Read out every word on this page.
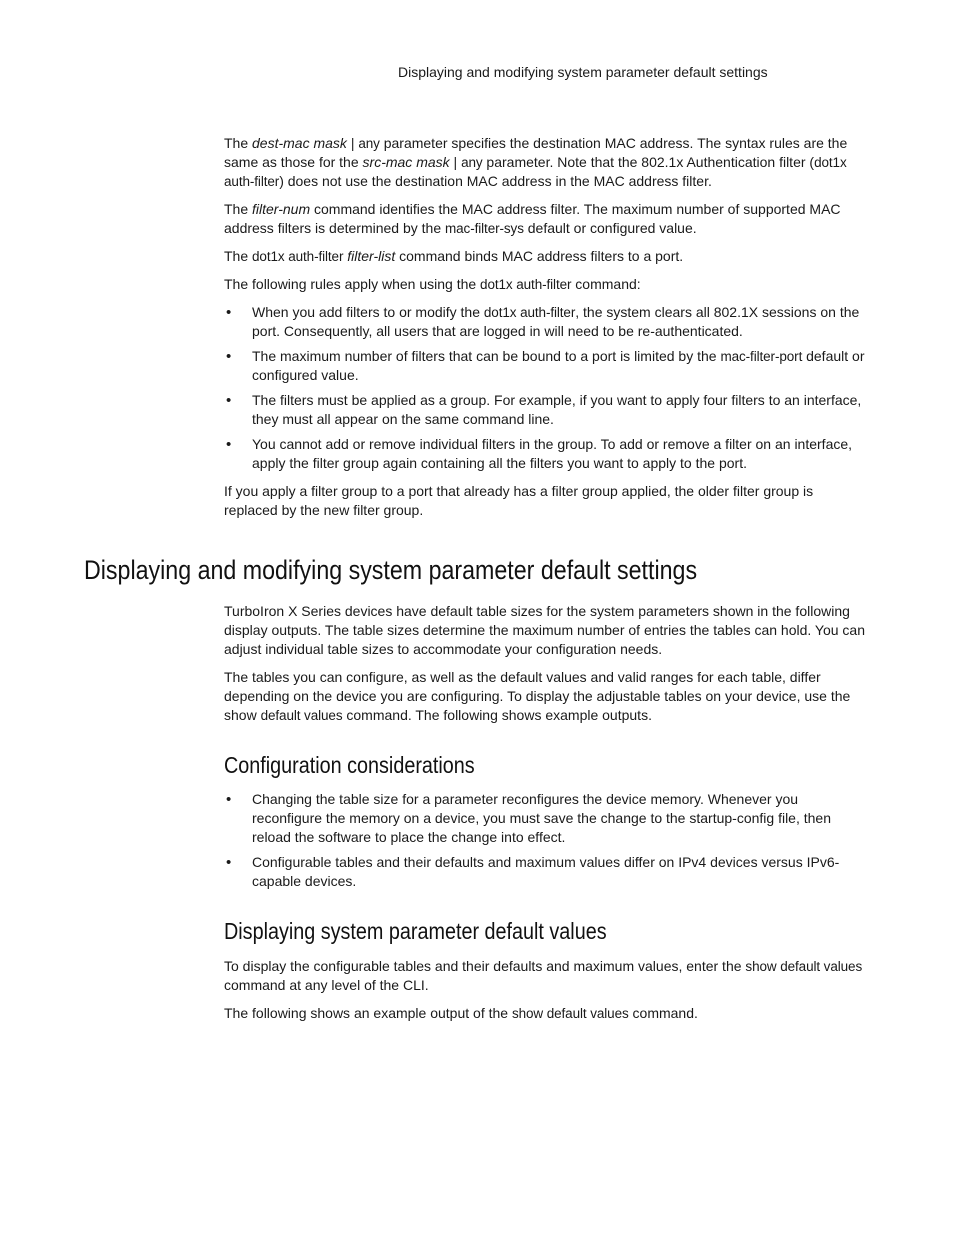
Displaying and modifying system parameter default settings

The dest-mac mask | any parameter specifies the destination MAC address. The syntax rules are the same as those for the src-mac mask | any parameter. Note that the 802.1x Authentication filter (dot1x auth-filter) does not use the destination MAC address in the MAC address filter.

The filter-num command identifies the MAC address filter. The maximum number of supported MAC address filters is determined by the mac-filter-sys default or configured value.

The dot1x auth-filter filter-list command binds MAC address filters to a port.

The following rules apply when using the dot1x auth-filter command:

• When you add filters to or modify the dot1x auth-filter, the system clears all 802.1X sessions on the port. Consequently, all users that are logged in will need to be re-authenticated.
• The maximum number of filters that can be bound to a port is limited by the mac-filter-port default or configured value.
• The filters must be applied as a group. For example, if you want to apply four filters to an interface, they must all appear on the same command line.
• You cannot add or remove individual filters in the group. To add or remove a filter on an interface, apply the filter group again containing all the filters you want to apply to the port.

If you apply a filter group to a port that already has a filter group applied, the older filter group is replaced by the new filter group.

Displaying and modifying system parameter default settings

TurboIron X Series devices have default table sizes for the system parameters shown in the following display outputs. The table sizes determine the maximum number of entries the tables can hold. You can adjust individual table sizes to accommodate your configuration needs.

The tables you can configure, as well as the default values and valid ranges for each table, differ depending on the device you are configuring. To display the adjustable tables on your device, use the show default values command. The following shows example outputs.

Configuration considerations
• Changing the table size for a parameter reconfigures the device memory. Whenever you reconfigure the memory on a device, you must save the change to the startup-config file, then reload the software to place the change into effect.
• Configurable tables and their defaults and maximum values differ on IPv4 devices versus IPv6-capable devices.
Displaying system parameter default values

To display the configurable tables and their defaults and maximum values, enter the show default values command at any level of the CLI.

The following shows an example output of the show default values command.
